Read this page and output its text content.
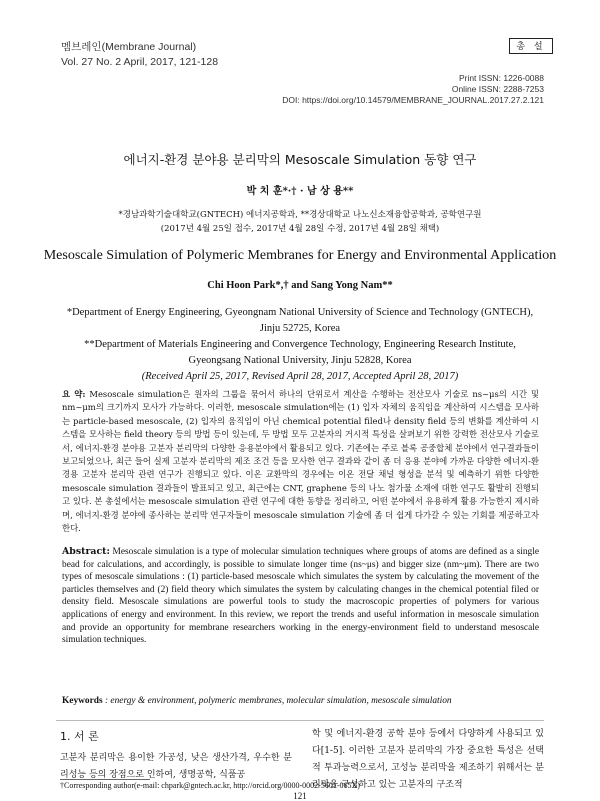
멤브레인(Membrane Journal)
Vol. 27 No. 2 April, 2017, 121-128
총 설
Print ISSN: 1226-0088
Online ISSN: 2288-7253
DOI: https://doi.org/10.14579/MEMBRANE_JOURNAL.2017.27.2.121
에너지-환경 분야용 분리막의 Mesoscale Simulation 동향 연구
박 치 훈*·† · 남 상 용**
*경남과학기술대학교(GNTECH) 에너지공학과, **경상대학교 나노신소재융합공학과, 공학연구원
(2017년 4월 25일 접수, 2017년 4월 28일 수정, 2017년 4월 28일 채택)
Mesoscale Simulation of Polymeric Membranes for Energy and Environmental Application
Chi Hoon Park*,† and Sang Yong Nam**
*Department of Energy Engineering, Gyeongnam National University of Science and Technology (GNTECH), Jinju 52725, Korea
**Department of Materials Engineering and Convergence Technology, Engineering Research Institute, Gyeongsang National University, Jinju 52828, Korea
(Received April 25, 2017, Revised April 28, 2017, Accepted April 28, 2017)
요 약: Mesoscale simulation은 원자의 그룹을 묶어서 하나의 단위로서 계산을 수행하는 전산모사 기술로 ns~μs의 시간 및 nm~μm의 크기까지 모사가 가능하다. 이러한, mesoscale simulation에는 (1) 입자 자체의 움직임을 계산하여 시스템을 모사하는 particle-based mesoscale, (2) 입자의 움직임이 아닌 chemical potential filed나 density field 등의 변화를 계산하여 시스템을 모사하는 field theory 등의 방법 등이 있는데, 두 방법 모두 고분자의 거시적 특성을 살펴보기 위한 강력한 전산모사 기술로서, 에너지-환경 분야용 고분자 분리막의 다양한 응용분야에서 활용되고 있다. 기존에는 주로 블록 공중합체 분야에서 연구결과들이 보고되었으나, 최근 들어 실제 고분자 분리막의 제조 조건 등을 모사한 연구 결과와 같이 좀 더 응용 분야에 가까운 다양한 에너지-환경용 고분자 분리막 관련 연구가 진행되고 있다. 이온 교환막의 경우에는 이온 전달 채널 형성을 분석 및 예측하기 위한 다양한 mesoscale simulation 결과들이 발표되고 있고, 최근에는 CNT, graphene 등의 나노 첨가물 소재에 대한 연구도 활발히 진행되고 있다. 본 총설에서는 mesoscale simulation 관련 연구에 대한 동향을 정리하고, 어떤 분야에서 유용하게 활용 가능한지 제시하며, 에너지-환경 분야에 종사하는 분리막 연구자들이 mesoscale simulation 기술에 좀 더 쉽게 다가갈 수 있는 기회를 제공하고자 한다.
Abstract: Mesoscale simulation is a type of molecular simulation techniques where groups of atoms are defined as a single bead for calculations, and accordingly, is possible to simulate longer time (ns~μs) and bigger size (nm~μm). There are two types of mesoscale simulations : (1) particle-based mesoscale which simulates the system by calculating the movement of the particles themselves and (2) field theory which simulates the system by calculating changes in the chemical potential filed or density field. Mesoscale simulations are powerful tools to study the macroscopic properties of polymers for various applications of energy and environment. In this review, we report the trends and useful information in mesoscale simulation and provide an opportunity for membrane researchers working in the energy-environment field to understand mesoscale simulation techniques.
Keywords : energy & environment, polymeric membranes, molecular simulation, mesoscale simulation
1. 서 론
고분자 분리막은 용이한 가공성, 낮은 생산가격, 우수한 분리성능 등의 장점으로 인하여, 생명공학, 식품공
학 및 에너지-환경 공학 분야 등에서 다양하게 사용되고 있다[1-5]. 이러한 고분자 분리막의 가장 중요한 특성은 선택적 투과능력으로서, 고성능 분리막을 제조하기 위해서는 분리막을 구성하고 있는 고분자의 구조적
†Corresponding author(e-mail: chpark@gntech.ac.kr, http://orcid.org/0000-0002-5601-065X)
121
